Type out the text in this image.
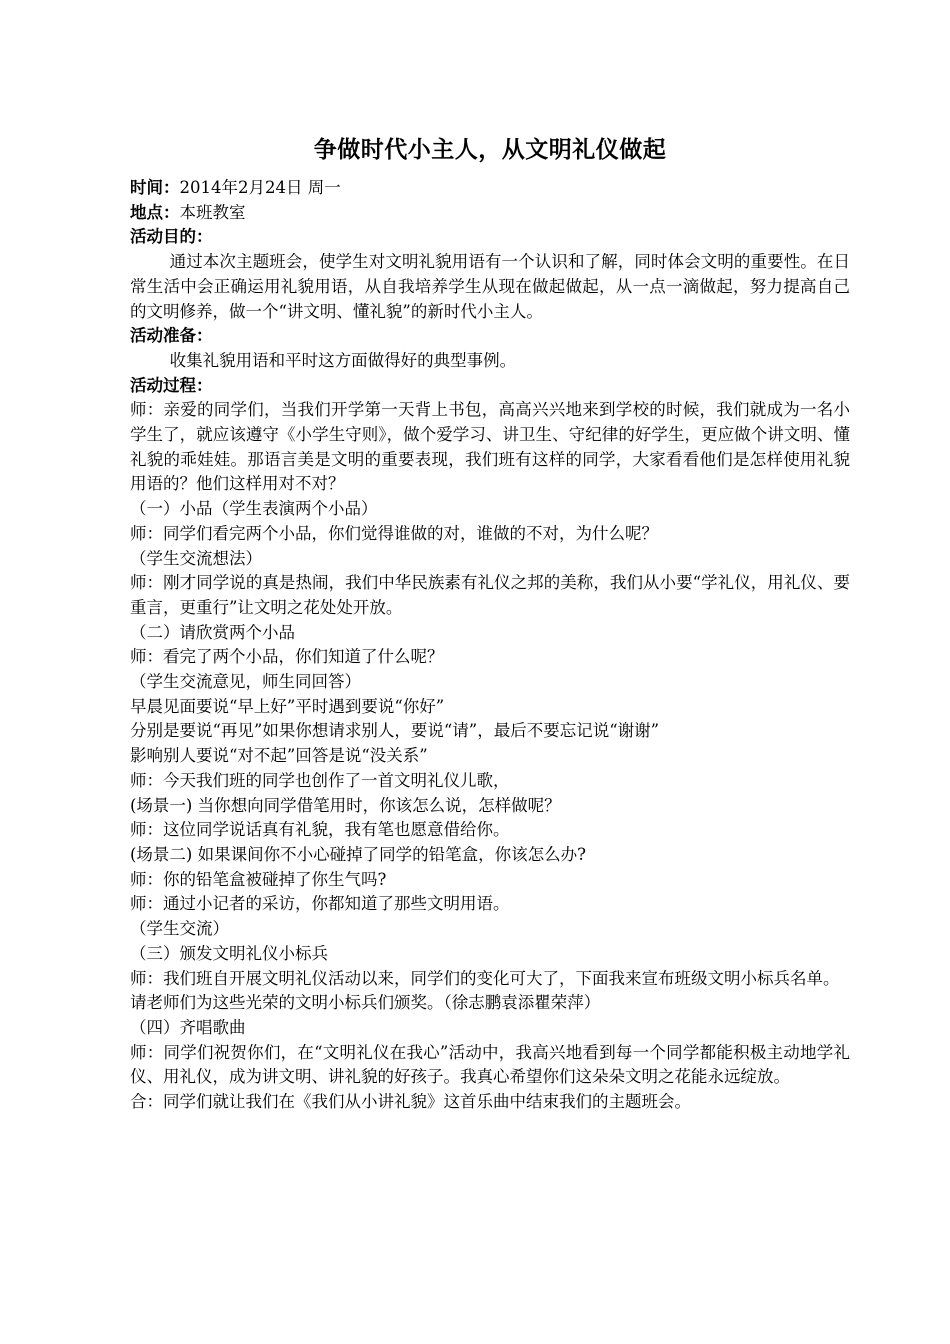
争做时代小主人，从文明礼仪做起
时间：2014年2月24日 周一
地点：本班教室
活动目的：
通过本次主题班会，使学生对文明礼貌用语有一个认识和了解，同时体会文明的重要性。在日常生活中会正确运用礼貌用语，从自我培养学生从现在做起做起，从一点一滴做起，努力提高自己的文明修养，做一个“讲文明、懂礼貌”的新时代小主人。
活动准备：
收集礼貌用语和平时这方面做得好的典型事例。
活动过程：
师：亲爱的同学们，当我们开学第一天背上书包，高高兴兴地来到学校的时候，我们就成为一名小学生了，就应该遵守《小学生守则》，做个爱学习、讲卫生、守纪律的好学生，更应做个讲文明、懂礼貌的乖娃娃。那语言美是文明的重要表现，我们班有这样的同学，大家看看他们是怎样使用礼貌用语的？他们这样用对不对？
（一）小品（学生表演两个小品）
师：同学们看完两个小品，你们觉得谁做的对，谁做的不对，为什么呢？
（学生交流想法）
师：刚才同学说的真是热闹，我们中华民族素有礼仪之邦的美称，我们从小要“学礼仪，用礼仪、要重言，更重行”让文明之花处处开放。
（二）请欣赏两个小品
师：看完了两个小品，你们知道了什么呢？
（学生交流意见，师生同回答）
早晨见面要说“早上好”平时遇到要说“你好”
分别是要说“再见”如果你想请求别人，要说“请”，最后不要忘记说“谢谢”
影响别人要说“对不起”回答是说“没关系”
师：今天我们班的同学也创作了一首文明礼仪儿歌，
(场景一) 当你想向同学借笔用时，你该怎么说，怎样做呢？
师：这位同学说话真有礼貌，我有笔也愿意借给你。
(场景二) 如果课间你不小心碰掉了同学的铅笔盒，你该怎么办?
师：你的铅笔盒被碰掉了你生气吗?
师：通过小记者的采访，你都知道了那些文明用语。
（学生交流）
（三）颁发文明礼仪小标兵
师：我们班自开展文明礼仪活动以来，同学们的变化可大了，下面我来宣布班级文明小标兵名单。
请老师们为这些光荣的文明小标兵们颁奖。（徐志鹏袁添瞿荣萍）
（四）齐唱歌曲
师：同学们祝贺你们，在“文明礼仪在我心”活动中，我高兴地看到每一个同学都能积极主动地学礼仪、用礼仪，成为讲文明、讲礼貌的好孩子。我真心希望你们这朵朵文明之花能永远绽放。
合：同学们就让我们在《我们从小讲礼貌》这首乐曲中结束我们的主题班会。
